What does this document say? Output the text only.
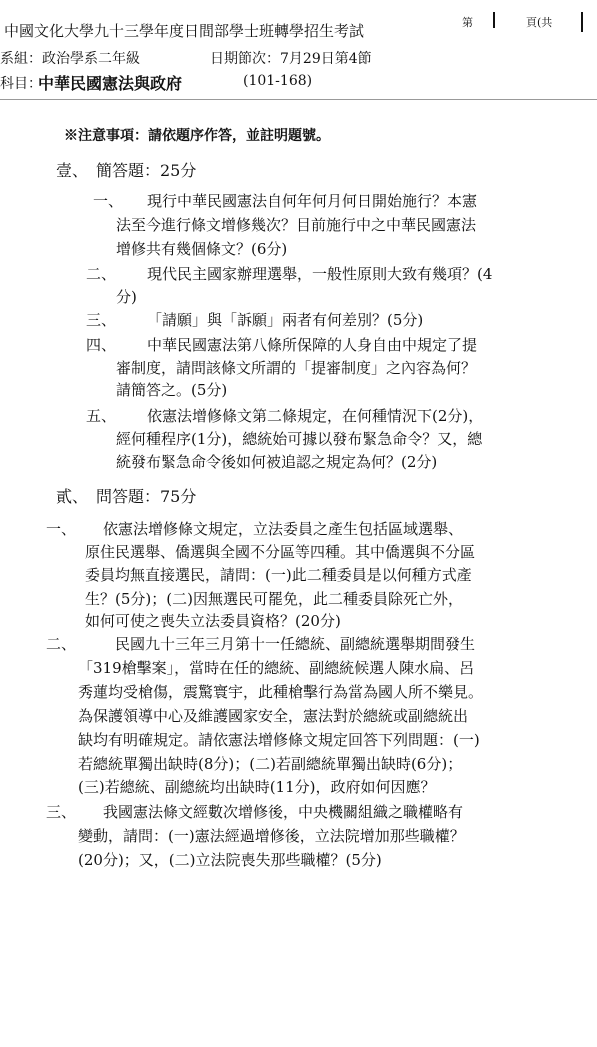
中國文化大學九十三學年度日間部學士班轉學招生考試	第	頁(共
系組：政治學系二年級	日期節次：7月29日第4節
科目：
中華民國憲法與政府	(101-168)
※注意事項：請依題序作答，並註明題號。
壹、　簡答題：25分
一、 現行中華民國憲法自何年何月何日開始施行？本憲
法至今進行條文增修幾次？目前施行中之中華民國憲法
增修共有幾個條文？(6分)
二、 現代民主國家辦理選舉，一般性原則大致有幾項？(4
分)
三、 「請願」與「訴願」兩者有何差別？(5分)
四、 中華民國憲法第八條所保障的人身自由中規定了提
審制度，請問該條文所謂的「提審制度」之內容為何？
請簡答之。(5分)
五、 依憲法增修條文第二條規定，在何種情況下(2分)，
經何種程序(1分)，總統始可據以發布緊急命令？又，總
統發布緊急命令後如何被追認之規定為何？(2分)
貳、　問答題：75分
一、 依憲法增修條文規定，立法委員之產生包括區域選舉、
原住民選舉、僑選與全國不分區等四種。其中僑選與不分區
委員均無直接選民，請問：(一)此二種委員是以何種方式產
生？(5分)；(二)因無選民可罷免，此二種委員除死亡外，
如何可使之喪失立法委員資格？(20分)
二、	民國九十三年三月第十一任總統、副總統選舉期間發生
「319槍擊案」，當時在任的總統、副總統候選人陳水扁、呂
秀蓮均受槍傷，震驚寰宇，此種槍擊行為當為國人所不樂見。
為保護領導中心及維護國家安全，憲法對於總統或副總統出
缺均有明確規定。請依憲法增修條文規定回答下列問題：(一)
若總統單獨出缺時(8分)；(二)若副總統單獨出缺時(6分)；
(三)若總統、副總統均出缺時(11分)，政府如何因應？
三、 我國憲法條文經數次增修後，中央機關組織之職權略有
變動，請問：(一)憲法經過增修後，立法院增加那些職權？
(20分)；又，(二)立法院喪失那些職權？(5分)
